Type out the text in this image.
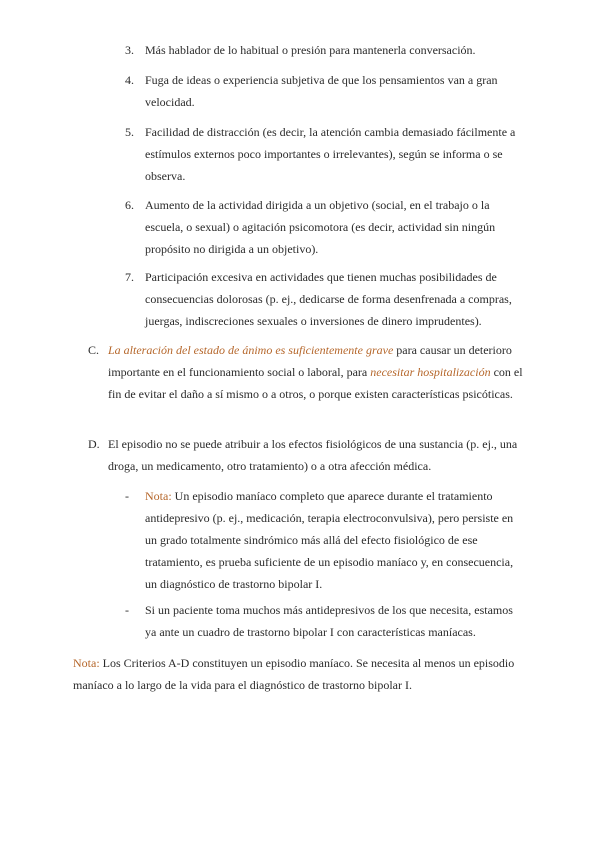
3. Más hablador de lo habitual o presión para mantenerla conversación.
4. Fuga de ideas o experiencia subjetiva de que los pensamientos van a gran velocidad.
5. Facilidad de distracción (es decir, la atención cambia demasiado fácilmente a estímulos externos poco importantes o irrelevantes), según se informa o se observa.
6. Aumento de la actividad dirigida a un objetivo (social, en el trabajo o la escuela, o sexual) o agitación psicomotora (es decir, actividad sin ningún propósito no dirigida a un objetivo).
7. Participación excesiva en actividades que tienen muchas posibilidades de consecuencias dolorosas (p. ej., dedicarse de forma desenfrenada a compras, juergas, indiscreciones sexuales o inversiones de dinero imprudentes).
C. La alteración del estado de ánimo es suficientemente grave para causar un deterioro importante en el funcionamiento social o laboral, para necesitar hospitalización con el fin de evitar el daño a sí mismo o a otros, o porque existen características psicóticas.
D. El episodio no se puede atribuir a los efectos fisiológicos de una sustancia (p. ej., una droga, un medicamento, otro tratamiento) o a otra afección médica.
- Nota: Un episodio maníaco completo que aparece durante el tratamiento antidepresivo (p. ej., medicación, terapia electroconvulsiva), pero persiste en un grado totalmente sindrómico más allá del efecto fisiológico de ese tratamiento, es prueba suficiente de un episodio maníaco y, en consecuencia, un diagnóstico de trastorno bipolar I.
- Si un paciente toma muchos más antidepresivos de los que necesita, estamos ya ante un cuadro de trastorno bipolar I con características maníacas.
Nota: Los Criterios A-D constituyen un episodio maníaco. Se necesita al menos un episodio maníaco a lo largo de la vida para el diagnóstico de trastorno bipolar I.
